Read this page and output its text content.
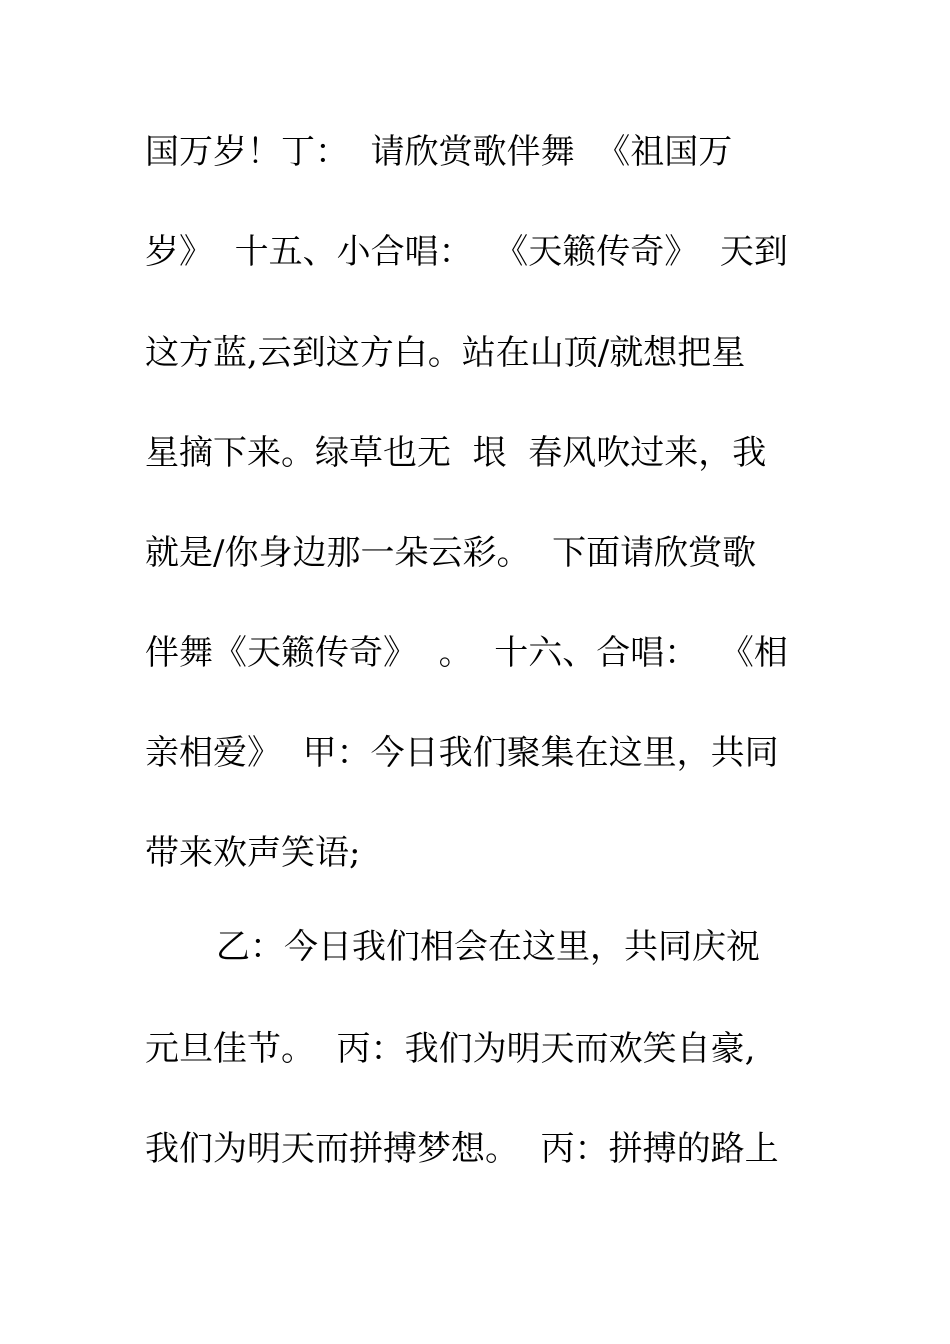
国万岁！丁：  请欣赏歌伴舞  《祖国万
岁》  十五、小合唱：  《天籁传奇》  天到
这方蓝,云到这方白。站在山顶/就想把星
星摘下来。绿草也无  垠  春风吹过来，我
就是/你身边那一朵云彩。  下面请欣赏歌
伴舞《天籁传奇》  。  十六、合唱：  《相
亲相爱》  甲：今日我们聚集在这里，共同
带来欢声笑语;
乙：今日我们相会在这里，共同庆祝
元旦佳节。  丙：我们为明天而欢笑自豪,
我们为明天而拼搏梦想。  丙：拼搏的路上
